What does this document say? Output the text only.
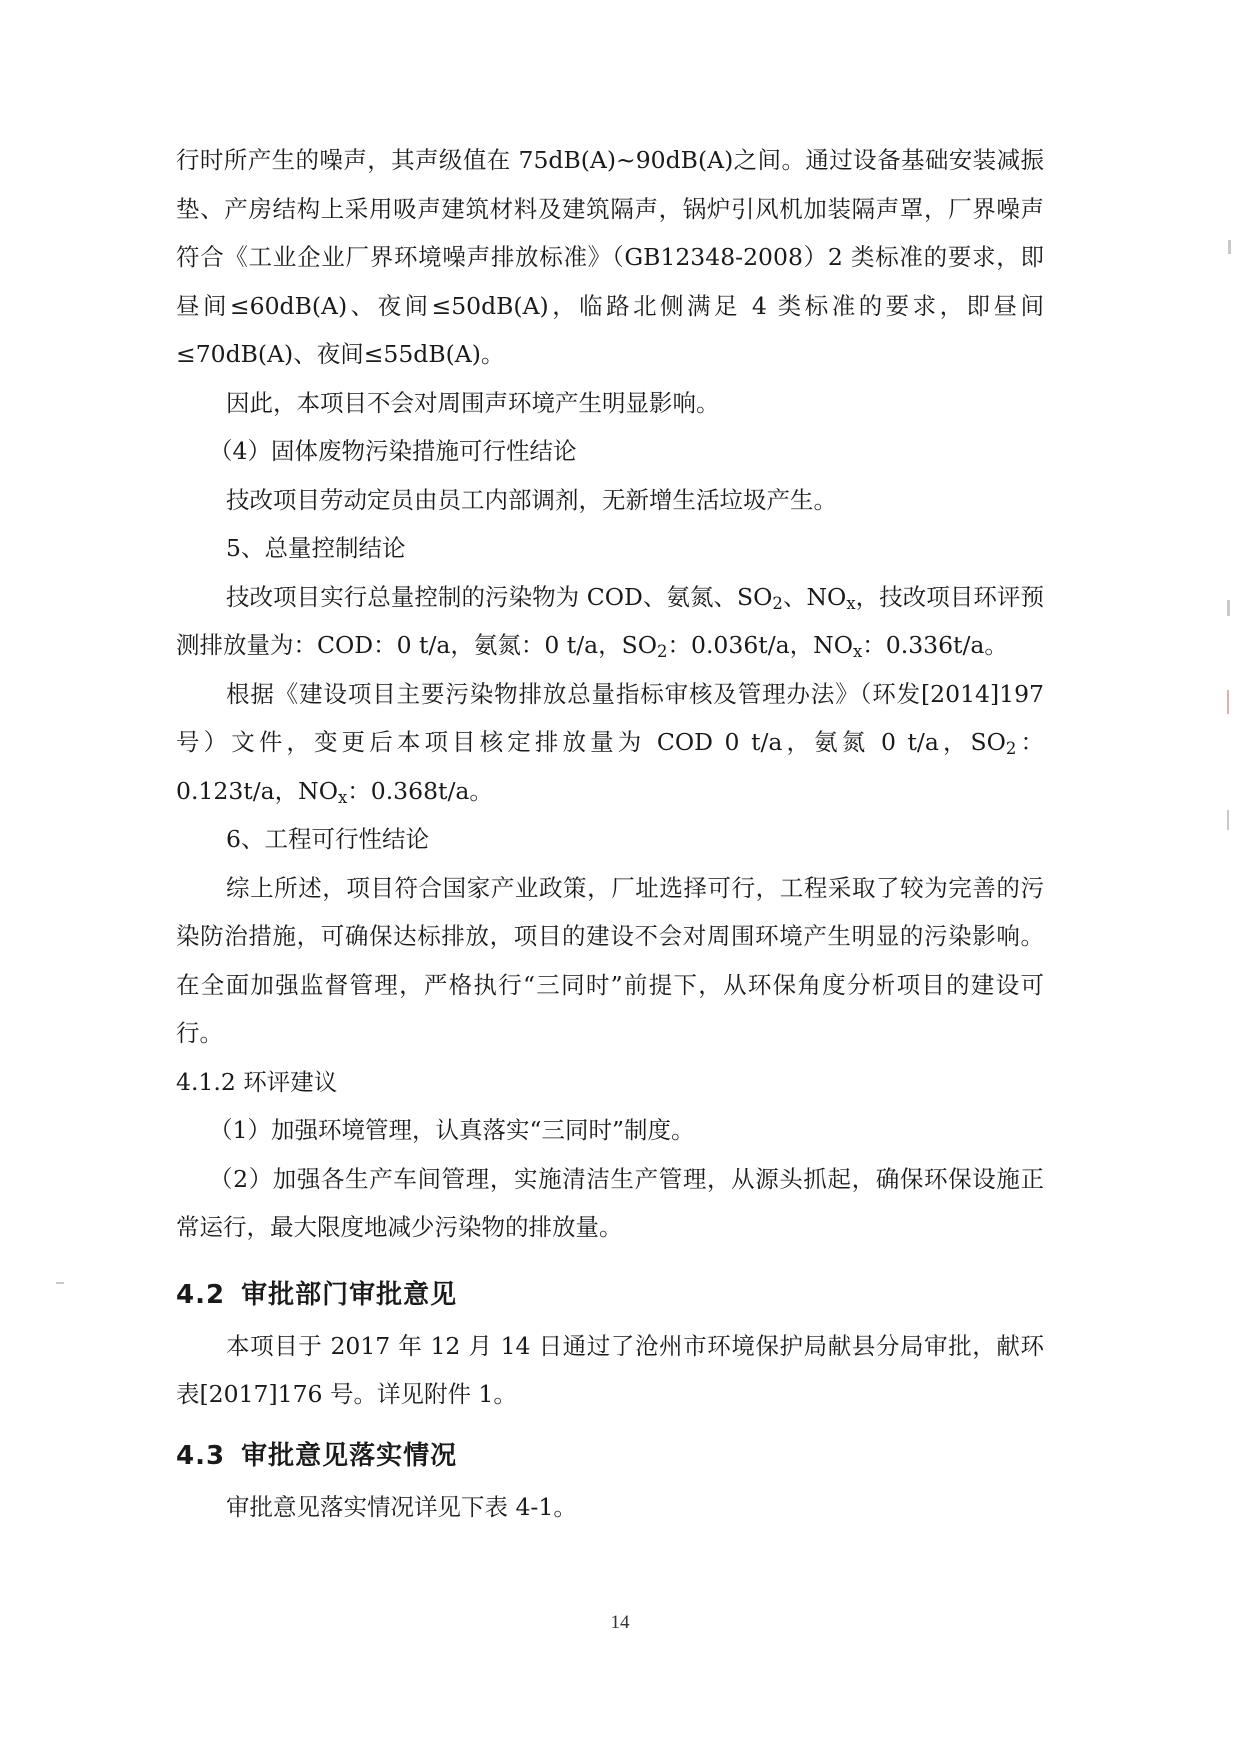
行时所产生的噪声，其声级值在 75dB(A)~90dB(A)之间。通过设备基础安装减振垫、产房结构上采用吸声建筑材料及建筑隔声，锅炉引风机加装隔声罩，厂界噪声符合《工业企业厂界环境噪声排放标准》（GB12348-2008）2 类标准的要求，即昼间≤60dB(A)、夜间≤50dB(A)，临路北侧满足 4 类标准的要求，即昼间≤70dB(A)、夜间≤55dB(A)。

因此，本项目不会对周围声环境产生明显影响。

（4）固体废物污染措施可行性结论

技改项目劳动定员由员工内部调剂，无新增生活垃圾产生。

5、总量控制结论

技改项目实行总量控制的污染物为 COD、氨氮、$SO_2$、$NO_x$，技改项目环评预测排放量为：COD：0 t/a，氨氮：0 t/a，$SO_2$：0.036t/a，$NO_x$：0.336t/a。

根据《建设项目主要污染物排放总量指标审核及管理办法》（环发[2014]197 号）文件，变更后本项目核定排放量为 COD 0 t/a，氨氮 0 t/a，$SO_2$：0.123t/a，$NO_x$：0.368t/a。

6、工程可行性结论

综上所述，项目符合国家产业政策，厂址选择可行，工程采取了较为完善的污染防治措施，可确保达标排放，项目的建设不会对周围环境产生明显的污染影响。在全面加强监督管理，严格执行“三同时”前提下，从环保角度分析项目的建设可行。

4.1.2 环评建议

（1）加强环境管理，认真落实“三同时”制度。

（2）加强各生产车间管理，实施清洁生产管理，从源头抓起，确保环保设施正常运行，最大限度地减少污染物的排放量。

4.2 审批部门审批意见

本项目于 2017 年 12 月 14 日通过了沧州市环境保护局献县分局审批，献环表[2017]176 号。详见附件 1。

4.3 审批意见落实情况

审批意见落实情况详见下表 4-1。

14
